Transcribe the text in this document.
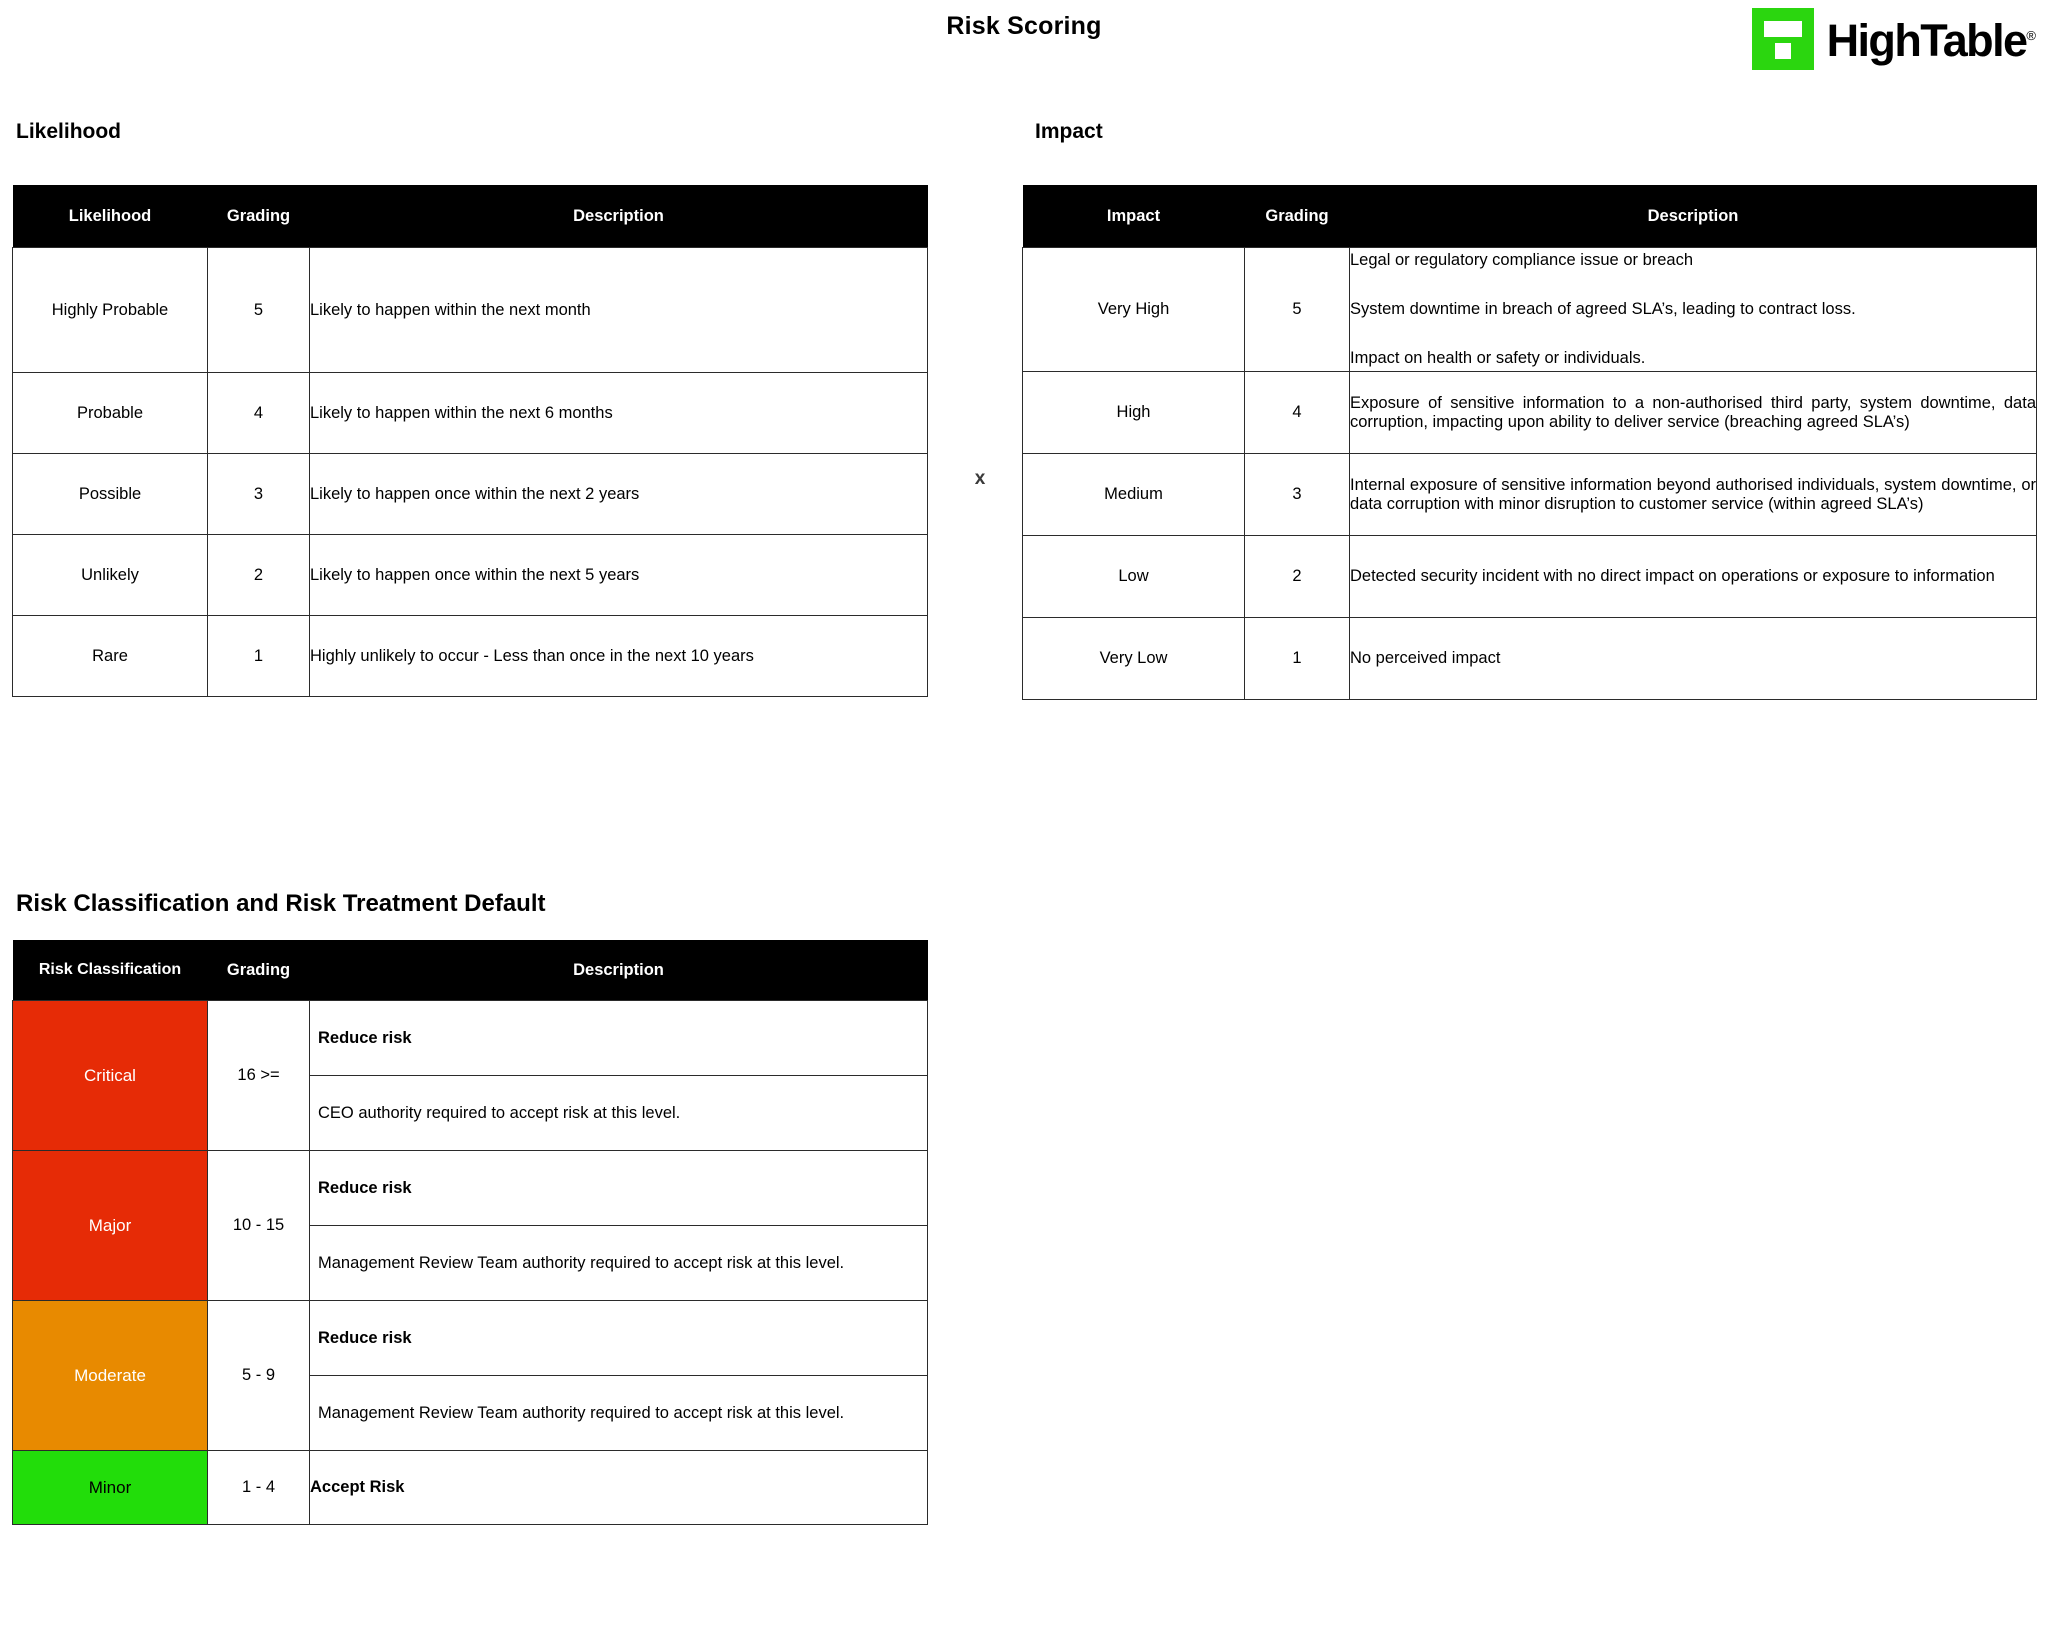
Risk Scoring	HighTable®
Likelihood	Impact
Risk Classification and Risk Treatment Default
x
Likelihood	Grading	Description
Highly Probable	5	Likely to happen within the next month
Probable	4	Likely to happen within the next 6 months
Possible	3	Likely to happen once within the next 2 years
Unlikely	2	Likely to happen once within the next 5 years
Rare	1	Highly unlikely to occur - Less than once in the next 10 years
Impact	Grading	Description
Very High	5	Legal or regulatory compliance issue or breach

System downtime in breach of agreed SLA’s, leading to contract loss.

Impact on health or safety or individuals.

High	4	Exposure of sensitive information to a non-authorised third party, system downtime, data corruption, impacting upon ability to deliver service (breaching agreed SLA’s)
Medium	3	Internal exposure of sensitive information beyond authorised individuals, system downtime, or data corruption with minor disruption to customer service (within agreed SLA’s)
Low	2	Detected security incident with no direct impact on operations or exposure to information
Very Low	1	No perceived impact
Risk Classification	Grading	Description
Critical	16 >=	
Reduce risk
CEO authority required to accept risk at this level.

Major	10 - 15	
Reduce risk
Management Review Team authority required to accept risk at this level.

Moderate	5 - 9	
Reduce risk
Management Review Team authority required to accept risk at this level.

Minor	1 - 4	Accept Risk
